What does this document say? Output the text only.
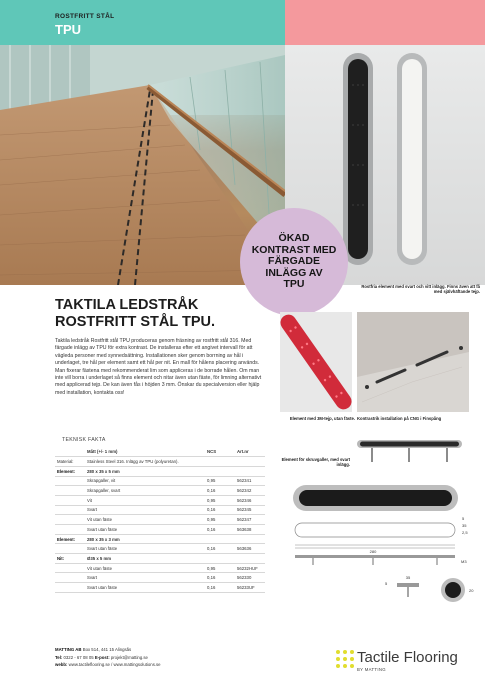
ROSTFRITT STÅL
TPU
ÖKAD
KONTRAST MED
FÄRGADE
INLÄGG AV
TPU	Rostfria element med svart och vitt inlägg. Finns även att få med självhäftande tejp.
TAKTILA LEDSTRÅK
ROSTFRITT STÅL TPU.
Taktila ledstråk Rostfritt stål TPU produceras genom fräsning av rostfritt stål 316. Med färgade inlägg av TPU för extra kontrast. De installeras efter ett angivet intervall för att vägleda personer med synnedsättning. Installationen sker genom borrning av hål i underlaget, tre hål per element samt ett hål per nit. En mall för hålens placering används. Man fixerar fästena med rekommenderat lim som appliceras i de borrade hålen. Om man inte vill borra i underlaget så finns element och nitar även utan fäste, för limning alternativt med applicerad tejp. De kan även fås i höjden 3 mm. Önskar du specialversion eller hjälp med installation, kontakta oss!
Element med 3M-tejp, utan fäste. Kontrastrik installation på CNG i Finspång
Element för skruvgaller, med svart inlägg.
280
5
35
2,5
M3
5
35
20
TEKNISK FAKTA
	Mått (+/- 1 mm)	NCS	Art.nr
Material:	Stainless Steel 316. Inlägg av TPU (polyuretan).		
Element:	280 x 35 x 5 mm		
	Skrapgaller, vit	0,95	562341
	Skrapgaller, svart	0,16	562342
	Vit	0,95	562346
	Svart	0,16	562345
	Vit utan fäste	0,95	562347
	Svart utan fäste	0,16	563638
Element:	280 x 35 x 3 mm		
	Svart utan fäste	0,16	563636
Nit:	Ø35 x 5 mm		
	Vit utan fäste	0,95	56232HUF
	Svart	0,16	562330
	Svart utan fäste	0,16	56233UF
MATTING AB Box 514, 441 15 Alingsås
Tel: 0322 - 67 08 05 E-post: projekt@matting.se
webb: www.tactileflooring.se / www.mattingsolutions.se	Tactile Flooring
BY MATTING
